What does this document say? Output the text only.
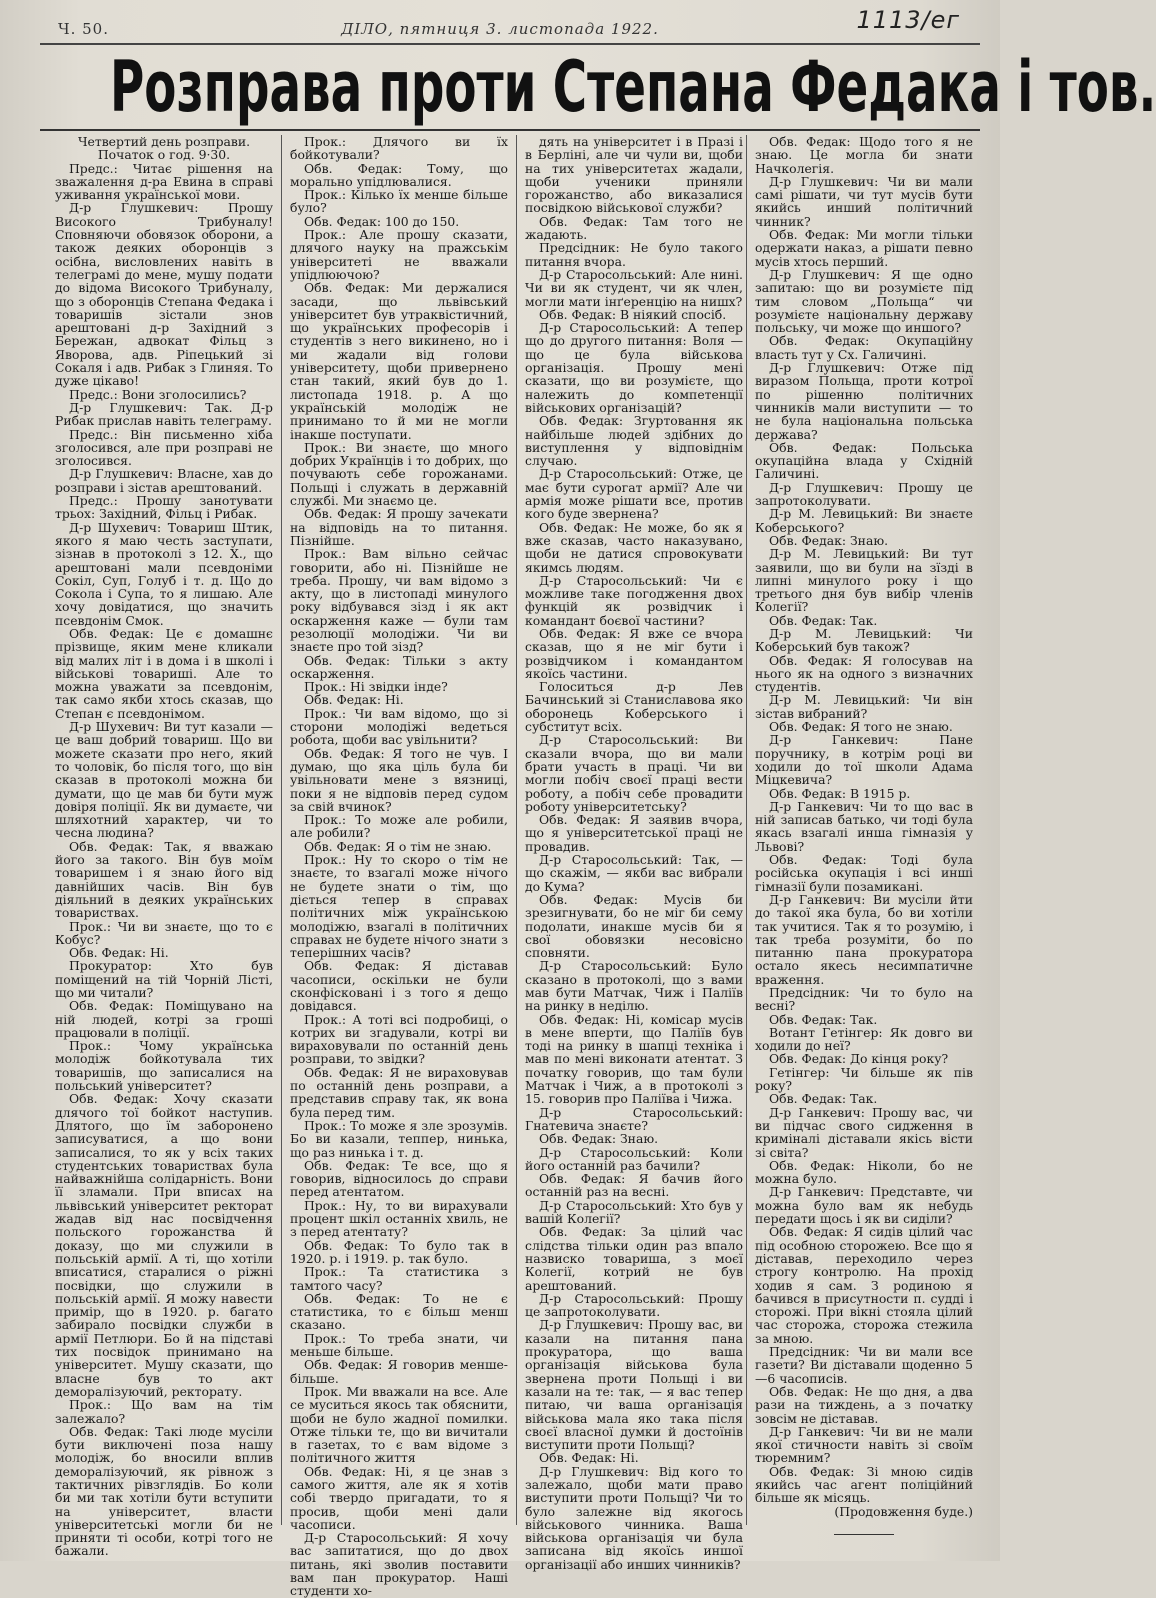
Ч. 50.	ДІЛО, пятниця 3. листопада 1922.	1113/ег
Розправа проти Степана Федака і тов.

Четвертий день розправи.

Початок о год. 9·30.

Предс.: Читає рішення на зважалення д-ра Евина в справі уживання української мови.

Д-р Глушкевич: Прошу Високого Трибуналу! Сповняючи обовязок оборони, а також деяких оборонців з осібна, висловлених навіть в телеграмі до мене, мушу подати до відома Високого Трибуналу, що з оборонців Степана Федака і товаришів зістали знов арештовані д-р Західний з Бережан, адвокат Фільц з Яворова, адв. Ріпецький зі Сокаля і адв. Рибак з Глиняя. То дуже цікаво!

Предс.: Вони зголосились?

Д-р Глушкевич: Так. Д-р Рибак прислав навіть телеграму.

Предс.: Він письменно хіба зголосився, але при розправі не зголосився.

Д-р Глушкевич: Власне, хав до розправи і зістав арештований.

Предс.: Прошу занотувати трьох: Західний, Фільц і Рибак.

Д-р Шухевич: Товариш Штик, якого я маю честь заступати, зізнав в протоколі з 12. X., що арештовані мали псевдоніми Сокіл, Суп, Голуб і т. д. Що до Сокола і Супа, то я лишаю. Але хочу довідатися, що значить псевдонім Смок.

Обв. Федак: Це є домашнє прізвище, яким мене кликали від малих літ і в дома і в школі і військові товариші. Але то можна уважати за псевдонім, так само якби хтось сказав, що Степан є псевдонімом.

Д-р Шухевич: Ви тут казали — це ваш добрий товариш. Що ви можете сказати про него, який то чоловік, бо після того, що він сказав в протоколі можна би думати, що це мав би бути муж довіря поліції. Як ви думаєте, чи шляхотний характер, чи то чесна людина?

Обв. Федак: Так, я вважаю його за такого. Він був моїм товаришем і я знаю його від давнійших часів. Він був діяльний в деяких українських товариствах.

Прок.: Чи ви знаєте, що то є Кобус?

Обв. Федак: Ні.

Прокуратор: Хто був поміщений на тій Чорній Лісті, що ми читали?

Обв. Федак: Поміщувано на ній людей, котрі за гроші працювали в поліції.

Прок.: Чому українська молодіж бойкотувала тих товаришів, що записалися на польський університет?

Обв. Федак: Хочу сказати длячого тої бойкот наступив. Длятого, що їм заборонено записуватися, а що вони записалися, то як у всіх таких студентських товариствах була найважнійша солідарність. Вони її зламали. При вписах на львівський університет ректорат жадав від нас посвідчення польского горожанства й доказу, що ми служили в польській армії. А ті, що хотіли вписатися, старалися о ріжні посвідки, що служили в польській армії. Я можу навести примір, що в 1920. р. багато забирало посвідки служби в армії Петлюри. Бо й на підставі тих посвідок принимано на університет. Мушу сказати, що власне був то акт деморалізуючий, ректорату.

Прок.: Що вам на тім залежало?

Обв. Федак: Такі люде мусіли бути виключені поза нашу молодіж, бо вносили вплив деморалізуючий, як рівнож з тактичних рівзглядів. Бо коли би ми так хотіли бути вступити на університет, власти університетські могли би не приняти ті особи, котрі того не бажали.

Прок.: Длячого ви їх бойкотували?

Обв. Федак: Тому, що морально упідлювалися.

Прок.: Кілько їх менше більше було?

Обв. Федак: 100 до 150.

Прок.: Але прошу сказати, длячого науку на пражськім університеті не вважали упідлюючою?

Обв. Федак: Ми держалися засади, що львівський університет був утраквістичний, що українських професорів і студентів з него викинено, но і ми жадали від голови університету, щоби привернено стан такий, який був до 1. листопада 1918. р. А що українській молодіж не принимано то й ми не могли інакше поступати.

Прок.: Ви знаєте, що много добрих Українців і то добрих, що почувають себе горожанами. Польщі і служать в державній службі. Ми знаємо це.

Обв. Федак: Я прошу зачекати на відповідь на то питання. Пізнійше.

Прок.: Вам вільно сейчас говорити, або ні. Пізнійше не треба. Прошу, чи вам відомо з акту, що в листопаді минулого року відбувався зізд і як акт оскарження каже — були там резолюції молодіжи. Чи ви знаєте про той зізд?

Обв. Федак: Тільки з акту оскарження.

Прок.: Ні звідки інде?

Обв. Федак: Ні.

Прок.: Чи вам відомо, що зі сторони молодіжі ведеться робота, щоби вас увільнити?

Обв. Федак: Я того не чув. І думаю, що яка ціль була би увільновати мене з вязниці, поки я не відповів перед судом за свій вчинок?

Прок.: То може але робили, але робили?

Обв. Федак: Я о тім не знаю.

Прок.: Ну то скоро о тім не знаєте, то взагалі може нічого не будете знати о тім, що діється тепер в справах політичних між українською молодіжю, взагалі в політичних справах не будете нічого знати з теперішних часів?

Обв. Федак: Я діставав часописи, оскільки не були сконфіскованi і з того я дещо довідався.

Прок.: А тоті всі подробиці, о котрих ви згадували, котрі ви вираховували по останній день розправи, то звідки?

Обв. Федак: Я не вираховував по останній день розправи, а представив справу так, як вона була перед тим.

Прок.: То може я зле зрозумів. Бо ви казали, теппер, нинька, що раз нинька і т. д.

Обв. Федак: Те все, що я говорив, відносилось до справи перед атентатом.

Прок.: Ну, то ви вирахували процент шкіл останніх хвиль, не з перед атентату?

Обв. Федак: То було так в 1920. р. і 1919. р. так було.

Прок.: Та статистика з тамтого часу?

Обв. Федак: То не є статистика, то є більш менш сказано.

Прок.: То треба знати, чи меньше більше.

Обв. Федак: Я говорив менше-більше.

Прок. Ми вважали на все. Але се муситься якось так обяснити, щоби не було жадної помилки. Отже тільки те, що ви вичитали в газетах, то є вам відоме з політичного життя

Обв. Федак: Ні, я це знав з самого життя, але як я хотів собі твердо пригадати, то я просив, щоби мені дали часописи.

Д-р Старосольський: Я хочу вас запитатися, що до двох питань, які зволив поставити вам пан прокуратор. Наші студенти хо-

дять на університет і в Празі і в Берліні, але чи чули ви, щоби на тих університетах жадали, щоби ученики приняли горожанство, або виказалися посвідкою військової служби?

Обв. Федак: Там того не жадають.

Предсідник: Не було такого питання вчора.

Д-р Старосольський: Але нині. Чи ви як студент, чи як член, могли мати інґеренцію на нишх?

Обв. Федак: В ніякий спосіб.

Д-р Старосольський: А тепер що до другого питання: Воля — що це була військова організація. Прошу мені сказати, що ви розумієте, що належить до компетенції військових організацій?

Обв. Федак: Згуртовання як найбільше людей здібних до виступлення у відповіднім случаю.

Д-р Старосольський: Отже, це має бути сурогат армії? Але чи армія може рішати все, против кого буде звернена?

Обв. Федак: Не може, бо як я вже сказав, часто наказувано, щоби не датися спровокувати якимсь людям.

Д-р Старосольський: Чи є можливе таке погодження двох функцій як розвідчик і командант боєвої частини?

Обв. Федак: Я вже се вчора сказав, що я не міг бути і розвідчиком і командантом якоїсь частини.

Голоситься д-р Лев Бачинський зі Станиславова яко оборонець Коберського і субститут всіх.

Д-р Старосольський: Ви сказали вчора, що ви мали брати участь в праці. Чи ви могли побіч своєї праці вести роботу, а побіч себе провадити роботу університетську?

Обв. Федак: Я заявив вчора, що я університетської праці не провадив.

Д-р Старосольський: Так, — що скажім, — якби вас вибрали до Кума?

Обв. Федак: Мусів би зрезигнувати, бо не міг би сему подолати, инакше мусів би я свої обовязки несовісно сповняти.

Д-р Старосольський: Було сказано в протоколі, що з вами мав бути Матчак, Чиж і Паліїв на ринку в неділю.

Обв. Федак: Ні, комісар мусів в мене вперти, що Паліїв був тоді на ринку в шапці техніка і мав по мені виконати атентат. З початку говорив, що там були Матчак і Чиж, а в протоколі з 15. говорив про Паліїва і Чижа.

Д-р Старосольський: Гнатевича знаєте?

Обв. Федак: Знаю.

Д-р Старосольський: Коли його останній раз бачили?

Обв. Федак: Я бачив його останній раз на весні.

Д-р Старосольський: Хто був у вашій Колегії?

Обв. Федак: За цілий час слідства тільки один раз впало назвиско товариша, з моєї Колегії, котрий не був арештований.

Д-р Старосольський: Прошу це запротоколувати.

Д-р Глушкевич: Прошу вас, ви казали на питання пана прокуратора, що ваша організація військова була звернена проти Польщі і ви казали на те: так, — я вас тепер питаю, чи ваша організація військова мала яко така після своєї власної думки й достоїнів виступити проти Польщі?

Обв. Федак: Ні.

Д-р Глушкевич: Від кого то залежало, щоби мати право виступити проти Польщі? Чи то було залежне від якогось військового чинника. Ваша військова організація чи була записана від якоїсь иншої організації або инших чинників?

Обв. Федак: Щодо того я не знаю. Це могла би знати Начколегія.

Д-р Глушкевич: Чи ви мали самі рішати, чи тут мусів бути якийсь инший політичний чинник?

Обв. Федак: Ми могли тільки одержати наказ, а рішати певно мусів хтось перший.

Д-р Глушкевич: Я ще одно запитаю: що ви розумієте під тим словом „Польща“ чи розумієте національну державу польську, чи може що иншого?

Обв. Федак: Окупаційну власть тут у Сх. Галичині.

Д-р Глушкевич: Отже під виразом Польща, проти котрої по рішенню політичних чинників мали виступити — то не була національна польська держава?

Обв. Федак: Польська окупаційна влада у Східній Галичині.

Д-р Глушкевич: Прошу це запротоколувати.

Д-р М. Левицький: Ви знаєте Коберського?

Обв. Федак: Знаю.

Д-р М. Левицький: Ви тут заявили, що ви були на зїзді в липні минулого року і що третього дня був вибір членів Колегії?

Обв. Федак: Так.

Д-р М. Левицький: Чи Коберський був також?

Обв. Федак: Я голосував на нього як на одного з визначних студентів.

Д-р М. Левицький: Чи він зістав вибраний?

Обв. Федак: Я того не знаю.

Д-р Ганкевич: Пане поручнику, в котрім році ви ходили до тої школи Адама Міцкевича?

Обв. Федак: В 1915 р.

Д-р Ганкевич: Чи то що вас в ній записав батько, чи тоді була якась взагалі инша гімназія у Львові?

Обв. Федак: Тоді була російська окупація і всі инші гімназії були позамикані.

Д-р Ганкевич: Ви мусіли йти до такої яка була, бо ви хотіли так учитися. Так я то розумію, і так треба розуміти, бо по питанню пана прокуратора остало якесь несимпатичне враження.

Предсідник: Чи то було на весні?

Обв. Федак: Так.

Вотант Гетінгер: Як довго ви ходили до неї?

Обв. Федак: До кінця року?

Гетінгер: Чи більше як пів року?

Обв. Федак: Так.

Д-р Ганкевич: Прошу вас, чи ви підчас свого сидження в криміналі діставали якісь вісти зі світа?

Обв. Федак: Ніколи, бо не можна було.

Д-р Ганкевич: Представте, чи можна було вам як небудь передати щось і як ви сиділи?

Обв. Федак: Я сидів цілий час під особною сторожею. Все що я діставав, переходило через строгу контролю. На прохід ходив я сам. З родиною я бачився в присутности п. судді і сторожі. При вікні стояла цілий час сторожа, сторожа стежила за мною.

Предсідник: Чи ви мали все газети? Ви діставали щоденно 5—6 часописів.

Обв. Федак: Не що дня, а два рази на тиждень, а з початку зовсім не діставав.

Д-р Ганкевич: Чи ви не мали якої стичности навіть зі своїм тюремним?

Обв. Федак: Зі мною сидів якийсь час агент поліційний більше як місяць.

(Продовження буде.)
